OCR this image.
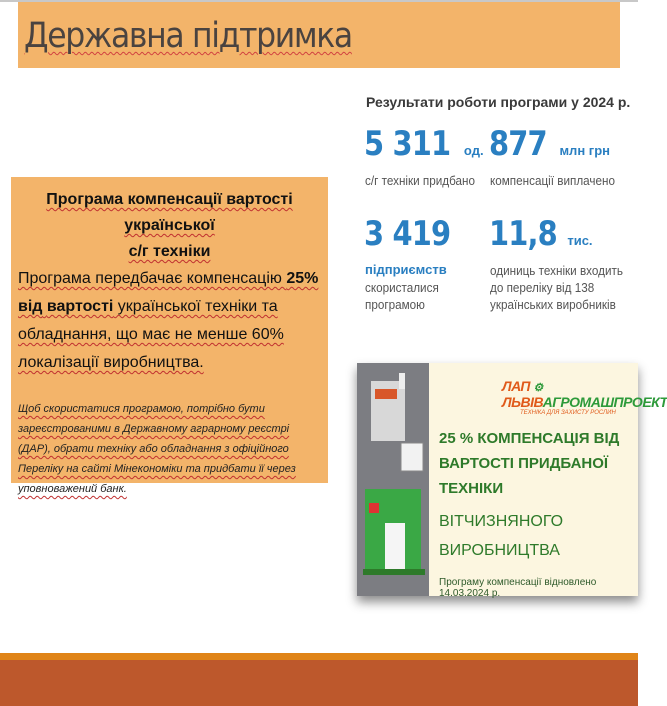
Державна підтримка
Результати роботи програми у 2024 р.
5 311 од.
с/г техніки придбано
877 млн грн
компенсації виплачено
3 419
підприємств
скористалися
програмою
11,8 тис.
одиниць техніки входить
до переліку від 138
українських виробників
Програма компенсації вартості української
с/г техніки
Програма передбачає компенсацію 25% від вартості української техніки та обладнання, що має не менше 60% локалізації виробництва.
Щоб скористатися програмою, потрібно бути зареєстрованими в Державному аграрному реєстрі (ДАР), обрати техніку або обладнання з офіційного Переліку на сайті Мінекономіки та придбати її через уповноважений банк.
ЛАП ⚙ ЛЬВІВАГРОМАШПРОЕКТ
ТЕХНІКА ДЛЯ ЗАХИСТУ РОСЛИН
25 % КОМПЕНСАЦІЯ ВІД
ВАРТОСТІ ПРИДБАНОЇ
ТЕХНІКИ
ВІТЧИЗНЯНОГО
ВИРОБНИЦТВА
Програму компенсації відновлено 14.03.2024 р.
